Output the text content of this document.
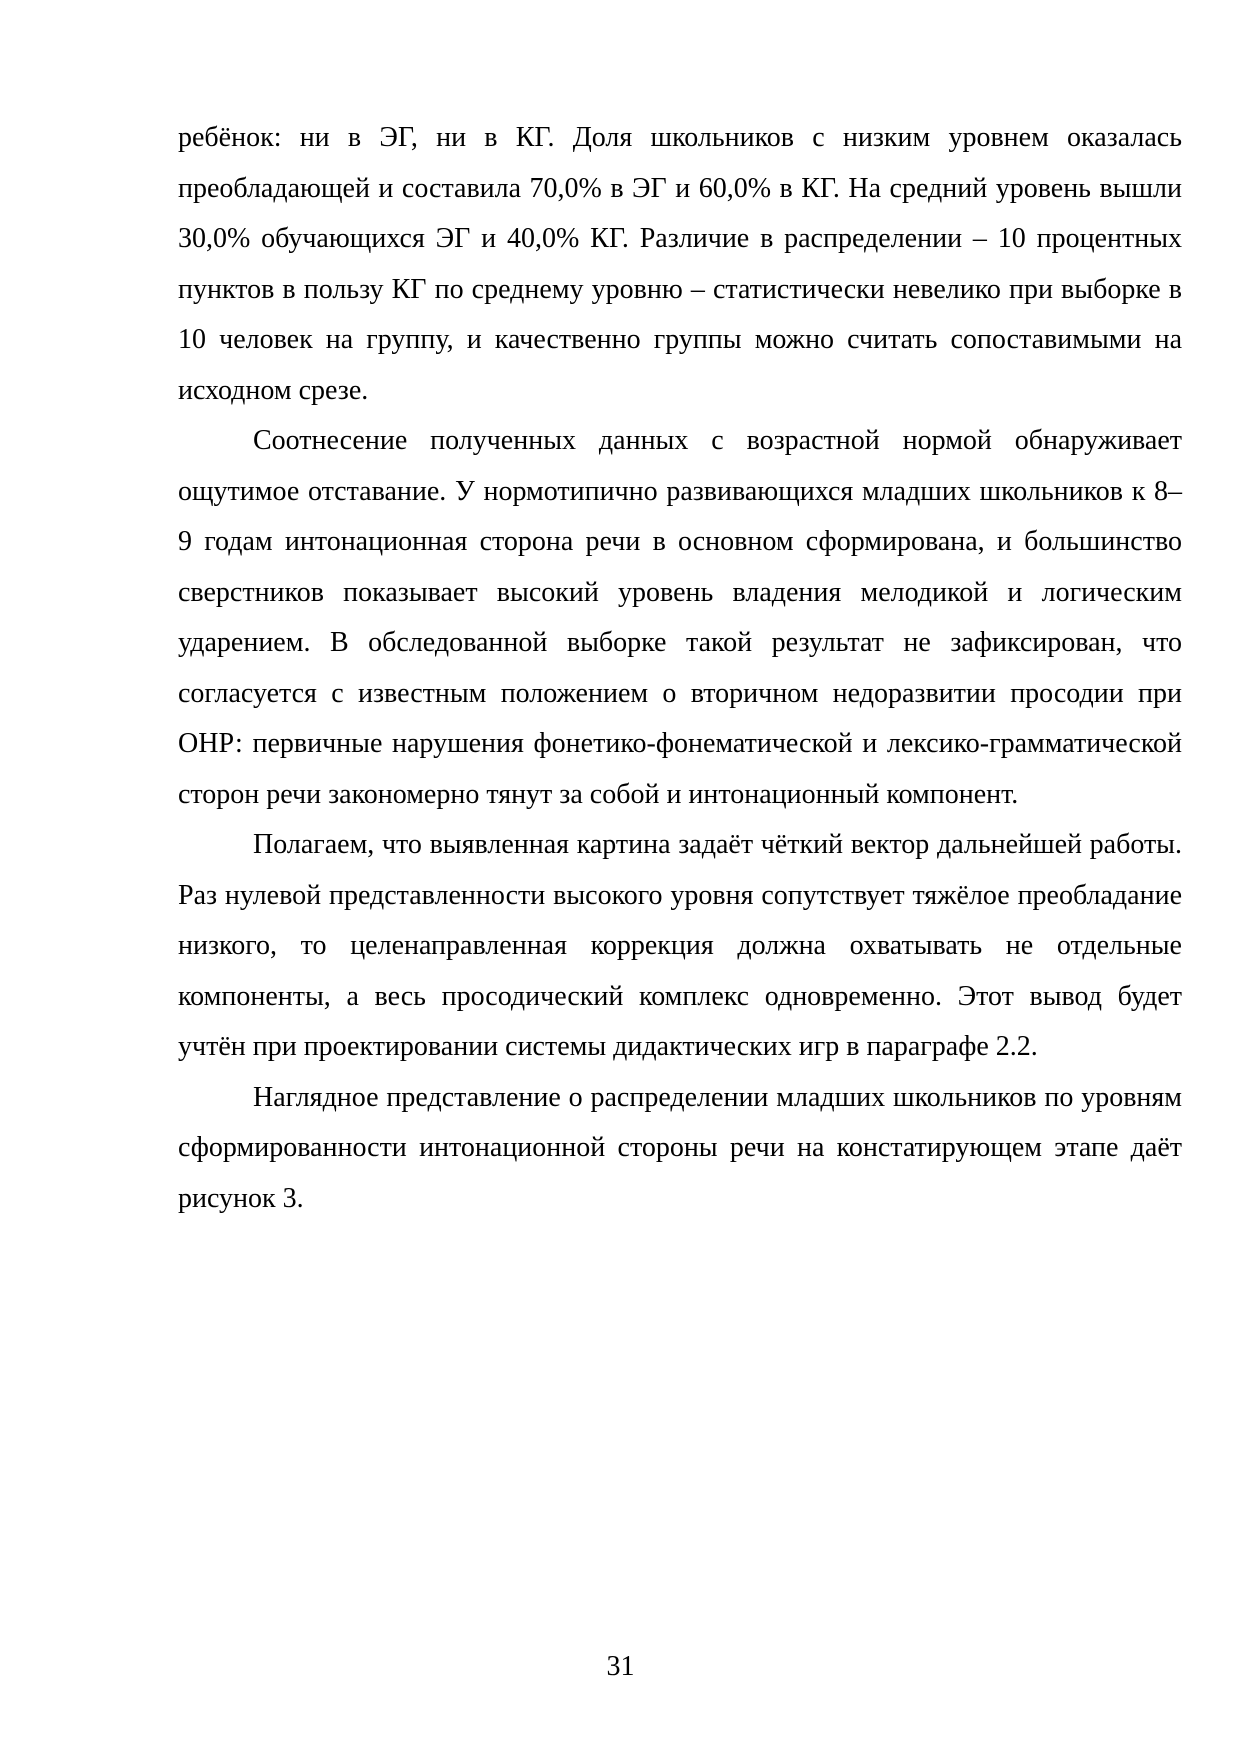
ребёнок: ни в ЭГ, ни в КГ. Доля школьников с низким уровнем оказалась преобладающей и составила 70,0% в ЭГ и 60,0% в КГ. На средний уровень вышли 30,0% обучающихся ЭГ и 40,0% КГ. Различие в распределении – 10 процентных пунктов в пользу КГ по среднему уровню – статистически невелико при выборке в 10 человек на группу, и качественно группы можно считать сопоставимыми на исходном срезе.

Соотнесение полученных данных с возрастной нормой обнаруживает ощутимое отставание. У нормотипично развивающихся младших школьников к 8–9 годам интонационная сторона речи в основном сформирована, и большинство сверстников показывает высокий уровень владения мелодикой и логическим ударением. В обследованной выборке такой результат не зафиксирован, что согласуется с известным положением о вторичном недоразвитии просодии при ОНР: первичные нарушения фонетико-фонематической и лексико-грамматической сторон речи закономерно тянут за собой и интонационный компонент.

Полагаем, что выявленная картина задаёт чёткий вектор дальнейшей работы. Раз нулевой представленности высокого уровня сопутствует тяжёлое преобладание низкого, то целенаправленная коррекция должна охватывать не отдельные компоненты, а весь просодический комплекс одновременно. Этот вывод будет учтён при проектировании системы дидактических игр в параграфе 2.2.

Наглядное представление о распределении младших школьников по уровням сформированности интонационной стороны речи на констатирующем этапе даёт рисунок 3.

31
